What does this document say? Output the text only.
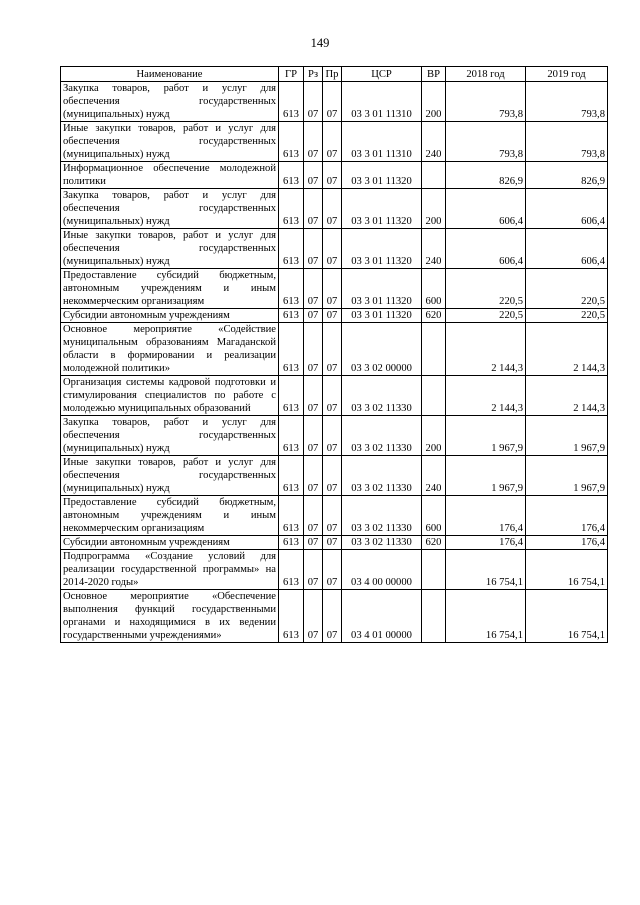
149
Наименование	ГР	Рз	Пр	ЦСР	ВР	2018 год	2019 год
Закупка товаров, работ и услуг для обеспечения государственных (муниципальных) нужд	613	07	07	03 3 01 11310	200	793,8	793,8
Иные закупки товаров, работ и услуг для обеспечения государственных (муниципальных) нужд	613	07	07	03 3 01 11310	240	793,8	793,8
Информационное обеспечение молодежной политики	613	07	07	03 3 01 11320		826,9	826,9
Закупка товаров, работ и услуг для обеспечения государственных (муниципальных) нужд	613	07	07	03 3 01 11320	200	606,4	606,4
Иные закупки товаров, работ и услуг для обеспечения государственных (муниципальных) нужд	613	07	07	03 3 01 11320	240	606,4	606,4
Предоставление субсидий бюджетным, автономным учреждениям и иным некоммерческим организациям	613	07	07	03 3 01 11320	600	220,5	220,5
Субсидии автономным учреждениям	613	07	07	03 3 01 11320	620	220,5	220,5
Основное мероприятие «Содействие муниципальным образованиям Магаданской области в формировании и реализации молодежной политики»	613	07	07	03 3 02 00000		2 144,3	2 144,3
Организация системы кадровой подготовки и стимулирования специалистов по работе с молодежью муниципальных образований	613	07	07	03 3 02 11330		2 144,3	2 144,3
Закупка товаров, работ и услуг для обеспечения государственных (муниципальных) нужд	613	07	07	03 3 02 11330	200	1 967,9	1 967,9
Иные закупки товаров, работ и услуг для обеспечения государственных (муниципальных) нужд	613	07	07	03 3 02 11330	240	1 967,9	1 967,9
Предоставление субсидий бюджетным, автономным учреждениям и иным некоммерческим организациям	613	07	07	03 3 02 11330	600	176,4	176,4
Субсидии автономным учреждениям	613	07	07	03 3 02 11330	620	176,4	176,4
Подпрограмма «Создание условий для реализации государственной программы» на 2014-2020 годы»	613	07	07	03 4 00 00000		16 754,1	16 754,1
Основное мероприятие «Обеспечение выполнения функций государственными органами и находящимися в их ведении государственными учреждениями»	613	07	07	03 4 01 00000		16 754,1	16 754,1
